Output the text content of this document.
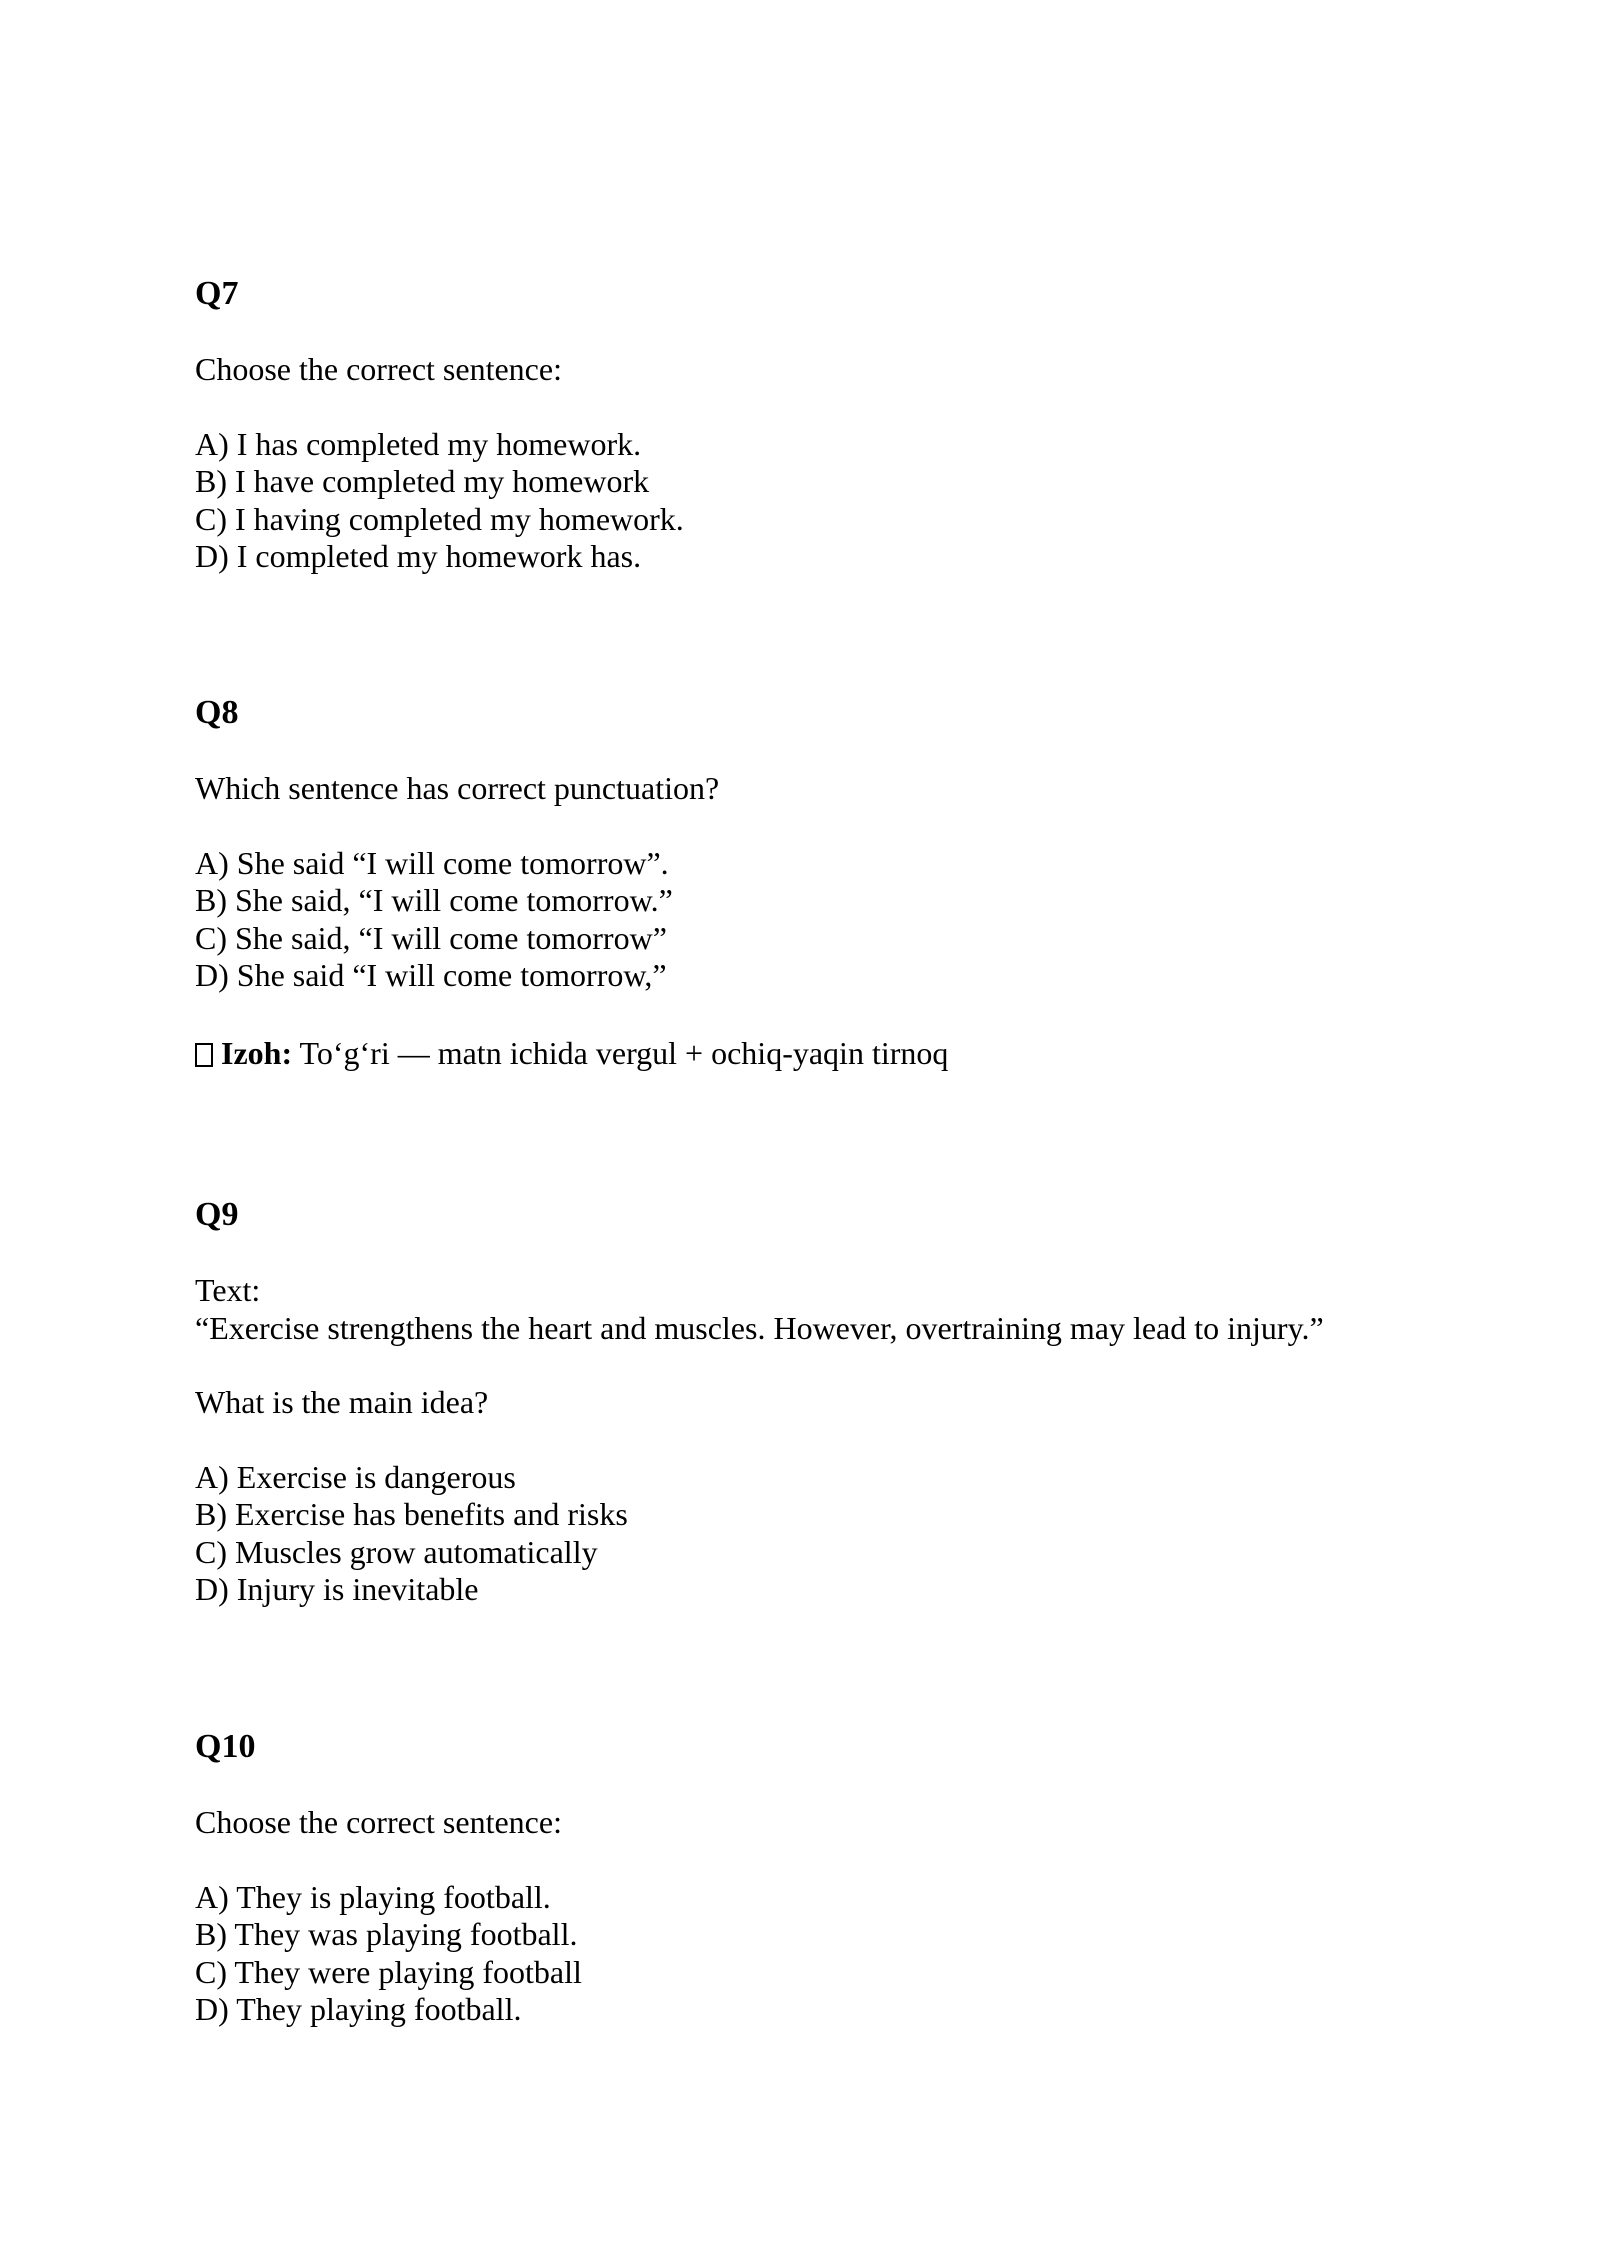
Q7
Choose the correct sentence:
A) I has completed my homework.
B) I have completed my homework
C) I having completed my homework.
D) I completed my homework has.
Q8
Which sentence has correct punctuation?
A) She said “I will come tomorrow”.
B) She said, “I will come tomorrow.”
C) She said, “I will come tomorrow”
D) She said “I will come tomorrow,”
Izoh: To‘g‘ri — matn ichida vergul + ochiq-yaqin tirnoq
Q9
Text:
“Exercise strengthens the heart and muscles. However, overtraining may lead to injury.”
What is the main idea?
A) Exercise is dangerous
B) Exercise has benefits and risks
C) Muscles grow automatically
D) Injury is inevitable
Q10
Choose the correct sentence:
A) They is playing football.
B) They was playing football.
C) They were playing football
D) They playing football.
